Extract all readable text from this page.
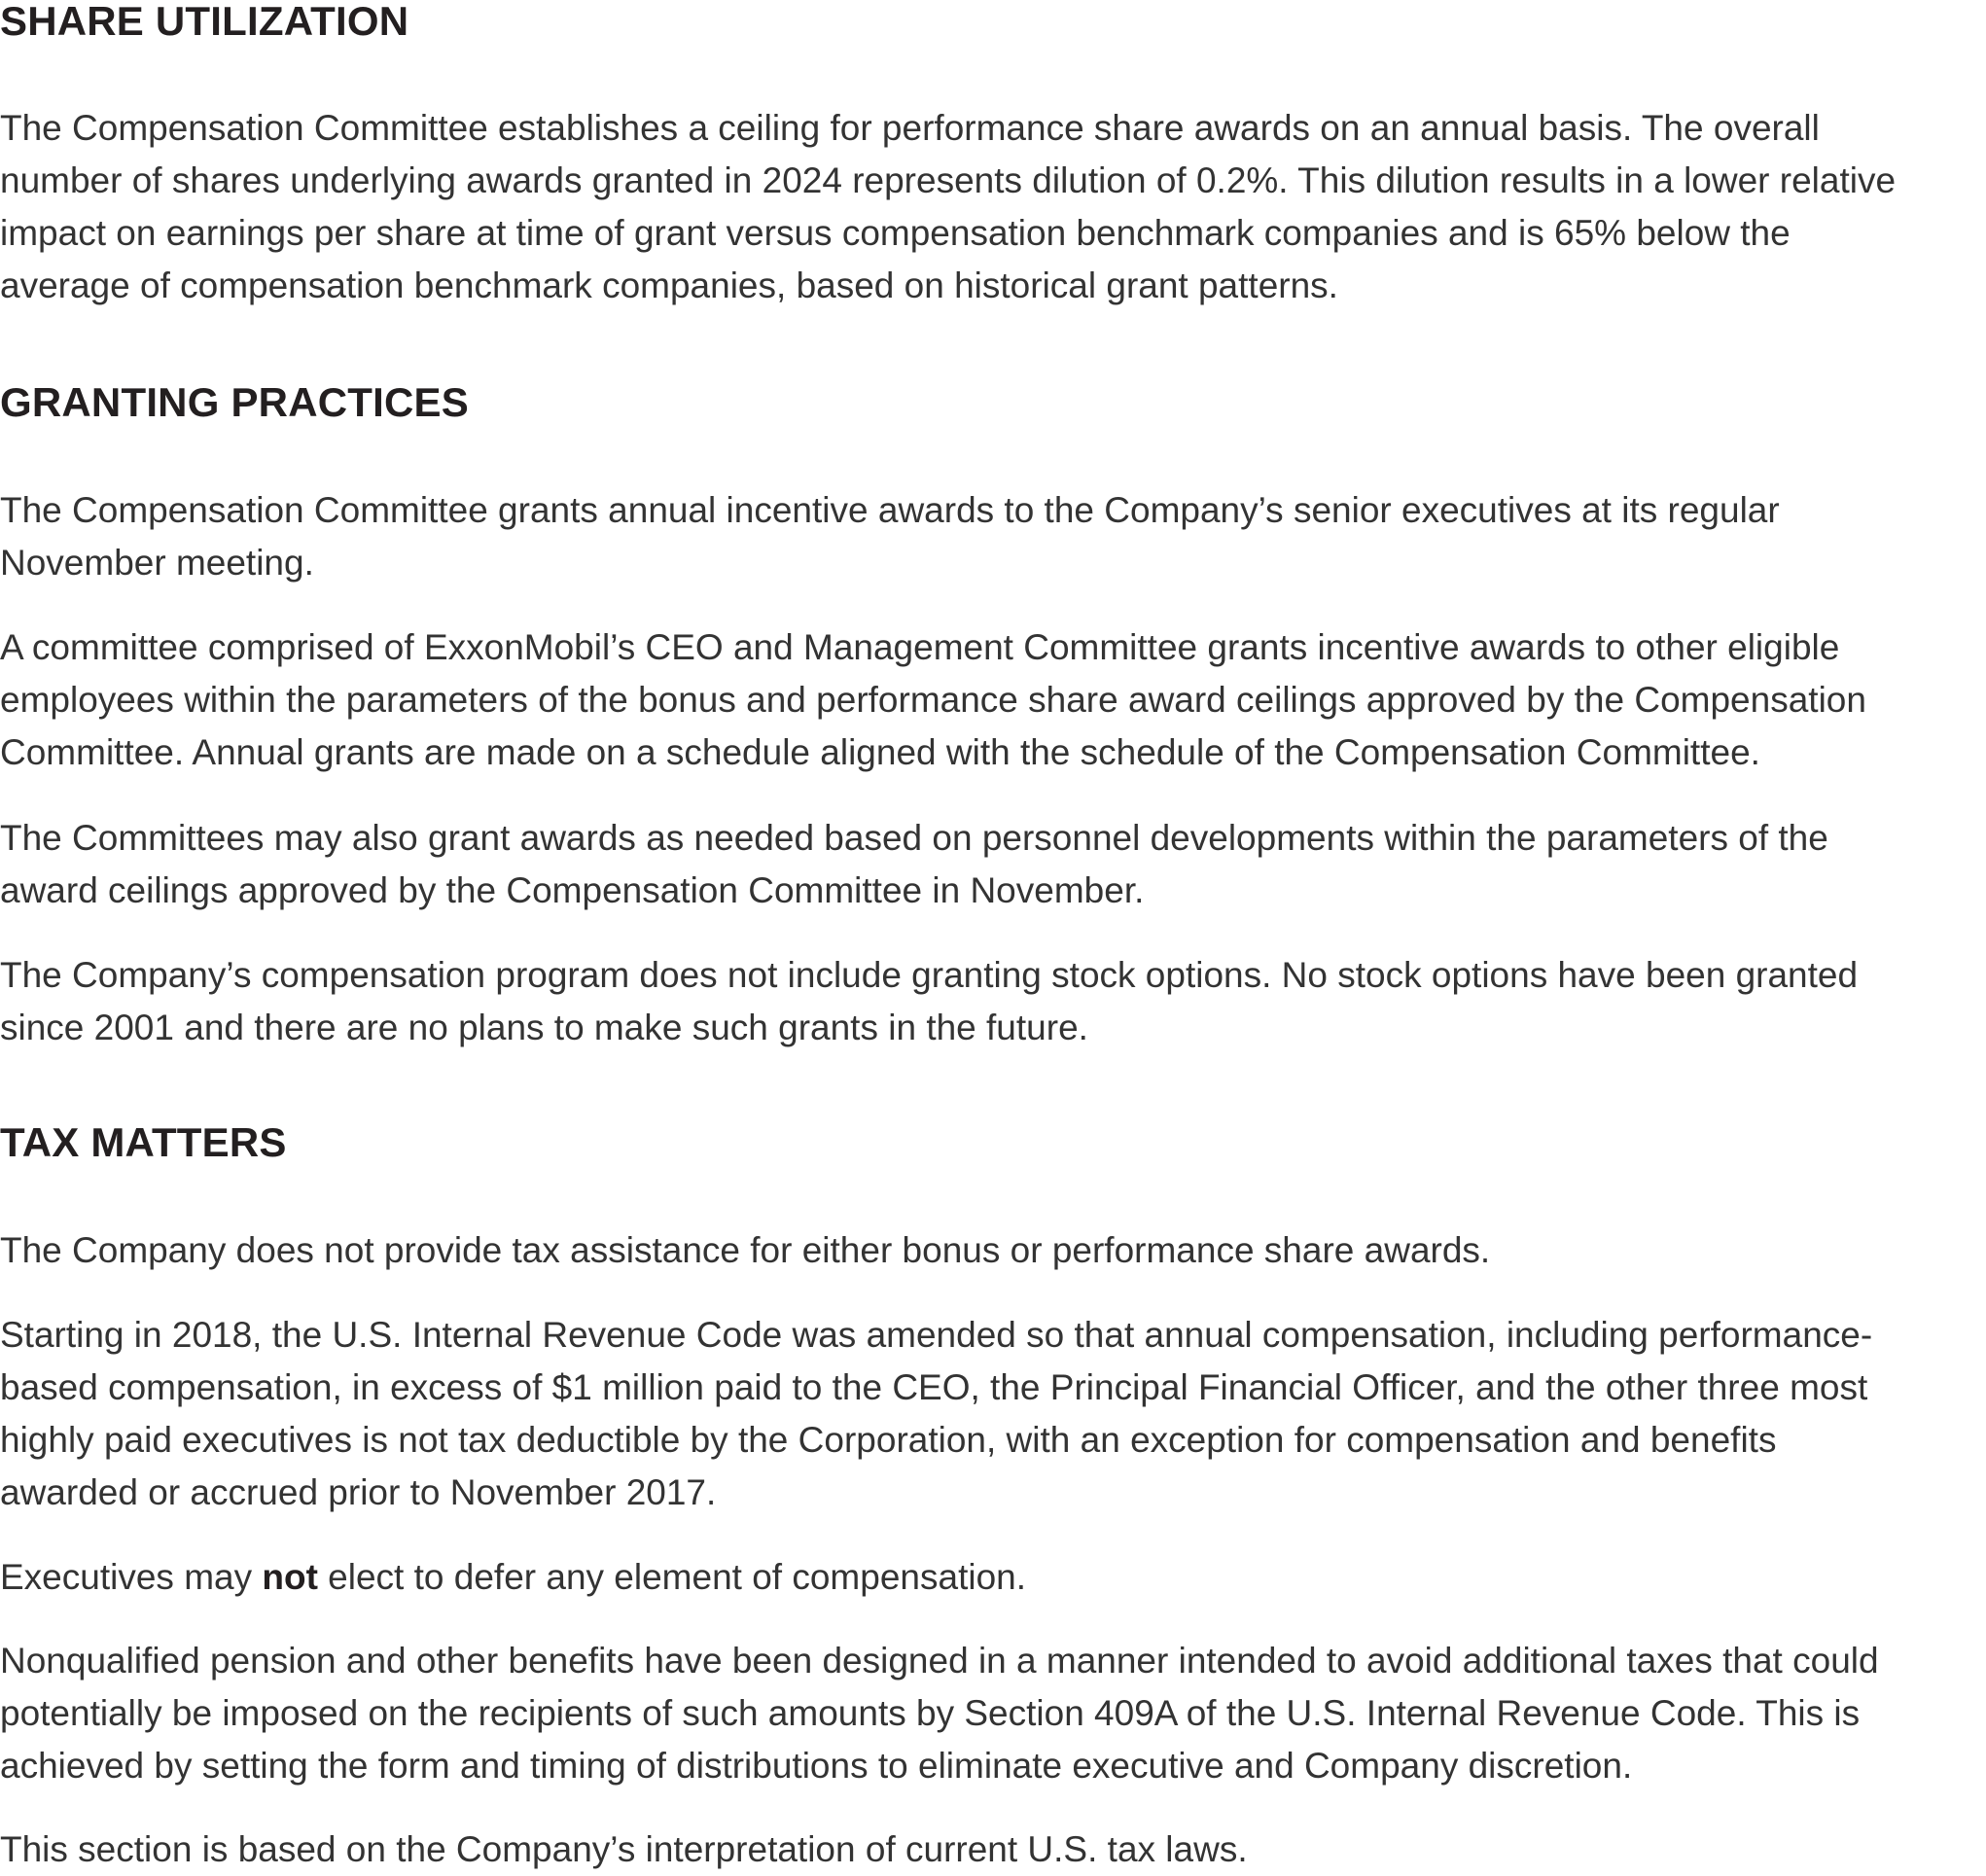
SHARE UTILIZATION

The Compensation Committee establishes a ceiling for performance share awards on an annual basis. The overall
number of shares underlying awards granted in 2024 represents dilution of 0.2%. This dilution results in a lower relative
impact on earnings per share at time of grant versus compensation benchmark companies and is 65% below the
average of compensation benchmark companies, based on historical grant patterns.

GRANTING PRACTICES

The Compensation Committee grants annual incentive awards to the Company’s senior executives at its regular
November meeting.

A committee comprised of ExxonMobil’s CEO and Management Committee grants incentive awards to other eligible
employees within the parameters of the bonus and performance share award ceilings approved by the Compensation
Committee. Annual grants are made on a schedule aligned with the schedule of the Compensation Committee.

The Committees may also grant awards as needed based on personnel developments within the parameters of the
award ceilings approved by the Compensation Committee in November.

The Company’s compensation program does not include granting stock options. No stock options have been granted
since 2001 and there are no plans to make such grants in the future.

TAX MATTERS

The Company does not provide tax assistance for either bonus or performance share awards.

Starting in 2018, the U.S. Internal Revenue Code was amended so that annual compensation, including performance-
based compensation, in excess of $1 million paid to the CEO, the Principal Financial Officer, and the other three most
highly paid executives is not tax deductible by the Corporation, with an exception for compensation and benefits
awarded or accrued prior to November 2017.

Executives may not elect to defer any element of compensation.

Nonqualified pension and other benefits have been designed in a manner intended to avoid additional taxes that could
potentially be imposed on the recipients of such amounts by Section 409A of the U.S. Internal Revenue Code. This is
achieved by setting the form and timing of distributions to eliminate executive and Company discretion.

This section is based on the Company’s interpretation of current U.S. tax laws.
